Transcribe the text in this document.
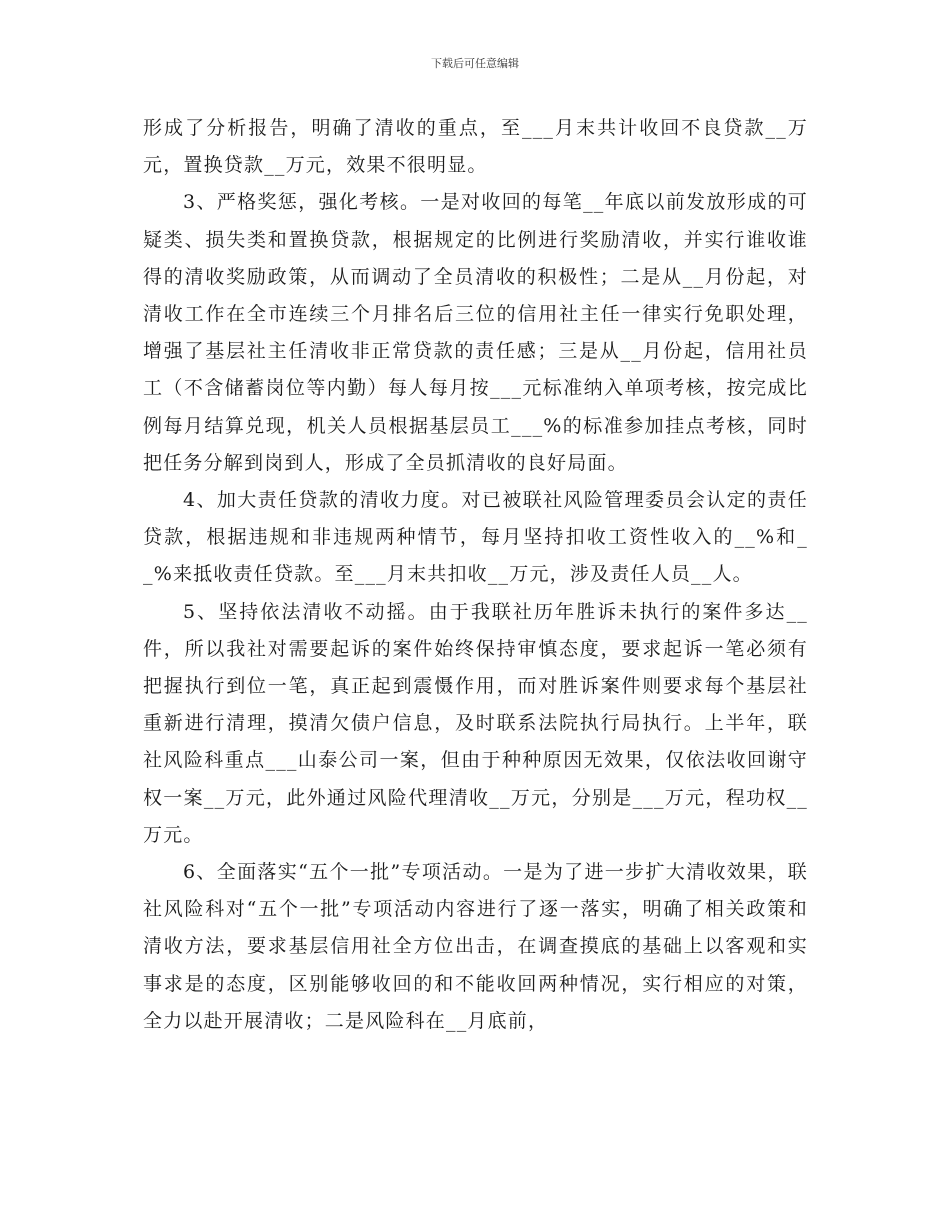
下载后可任意编辑

形成了分析报告，明确了清收的重点，至___月末共计收回不良贷款__万元，置换贷款__万元，效果不很明显。

3、严格奖惩，强化考核。一是对收回的每笔__年底以前发放形成的可疑类、损失类和置换贷款，根据规定的比例进行奖励清收，并实行谁收谁得的清收奖励政策，从而调动了全员清收的积极性；二是从__月份起，对清收工作在全市连续三个月排名后三位的信用社主任一律实行免职处理，增强了基层社主任清收非正常贷款的责任感；三是从__月份起，信用社员工（不含储蓄岗位等内勤）每人每月按___元标准纳入单项考核，按完成比例每月结算兑现，机关人员根据基层员工___%的标准参加挂点考核，同时把任务分解到岗到人，形成了全员抓清收的良好局面。

4、加大责任贷款的清收力度。对已被联社风险管理委员会认定的责任贷款，根据违规和非违规两种情节，每月坚持扣收工资性收入的__%和__%来抵收责任贷款。至___月末共扣收__万元，涉及责任人员__人。

5、坚持依法清收不动摇。由于我联社历年胜诉未执行的案件多达__件，所以我社对需要起诉的案件始终保持审慎态度，要求起诉一笔必须有把握执行到位一笔，真正起到震慑作用，而对胜诉案件则要求每个基层社重新进行清理，摸清欠债户信息，及时联系法院执行局执行。上半年，联社风险科重点___山泰公司一案，但由于种种原因无效果，仅依法收回谢守权一案__万元，此外通过风险代理清收__万元，分别是___万元，程功权__万元。

6、全面落实“五个一批”专项活动。一是为了进一步扩大清收效果，联社风险科对“五个一批”专项活动内容进行了逐一落实，明确了相关政策和清收方法，要求基层信用社全方位出击，在调查摸底的基础上以客观和实事求是的态度，区别能够收回的和不能收回两种情况，实行相应的对策，全力以赴开展清收；二是风险科在__月底前，
